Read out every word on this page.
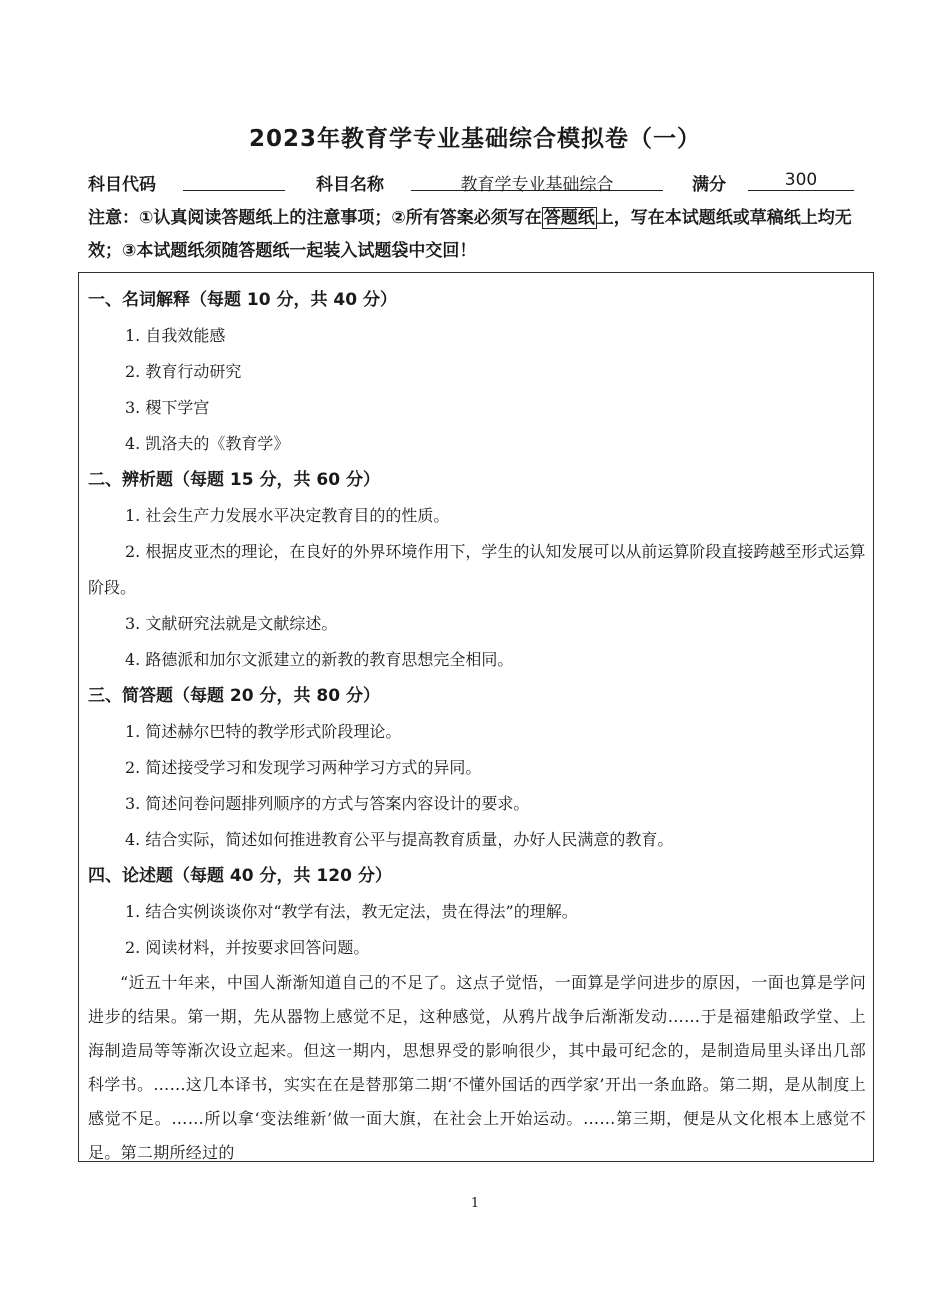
2023年教育学专业基础综合模拟卷（一）
科目代码	科目名称	教育学专业基础综合	满分	300
注意：①认真阅读答题纸上的注意事项；②所有答案必须写在 答题纸 上，写在本试题纸或草稿纸上均无效；③本试题纸须随答题纸一起装入试题袋中交回！

一、名词解释（每题 10 分，共 40 分）

1. 自我效能感

2. 教育行动研究

3. 稷下学宫

4. 凯洛夫的《教育学》

二、辨析题（每题 15 分，共 60 分）

1. 社会生产力发展水平决定教育目的的性质。

2. 根据皮亚杰的理论，在良好的外界环境作用下，学生的认知发展可以从前运算阶段直接跨越至形式运算阶段。

3. 文献研究法就是文献综述。

4. 路德派和加尔文派建立的新教的教育思想完全相同。

三、简答题（每题 20 分，共 80 分）

1. 简述赫尔巴特的教学形式阶段理论。

2. 简述接受学习和发现学习两种学习方式的异同。

3. 简述问卷问题排列顺序的方式与答案内容设计的要求。

4. 结合实际，简述如何推进教育公平与提高教育质量，办好人民满意的教育。

四、论述题（每题 40 分，共 120 分）

1. 结合实例谈谈你对“教学有法，教无定法，贵在得法”的理解。

2. 阅读材料，并按要求回答问题。

“近五十年来，中国人渐渐知道自己的不足了。这点子觉悟，一面算是学问进步的原因，一面也算是学问进步的结果。第一期，先从器物上感觉不足，这种感觉，从鸦片战争后渐渐发动……于是福建船政学堂、上海制造局等等渐次设立起来。但这一期内，思想界受的影响很少，其中最可纪念的，是制造局里头译出几部科学书。……这几本译书，实实在在是替那第二期‘不懂外国话的西学家’开出一条血路。第二期，是从制度上感觉不足。……所以拿‘变法维新’做一面大旗，在社会上开始运动。……第三期，便是从文化根本上感觉不足。第二期所经过的

1
